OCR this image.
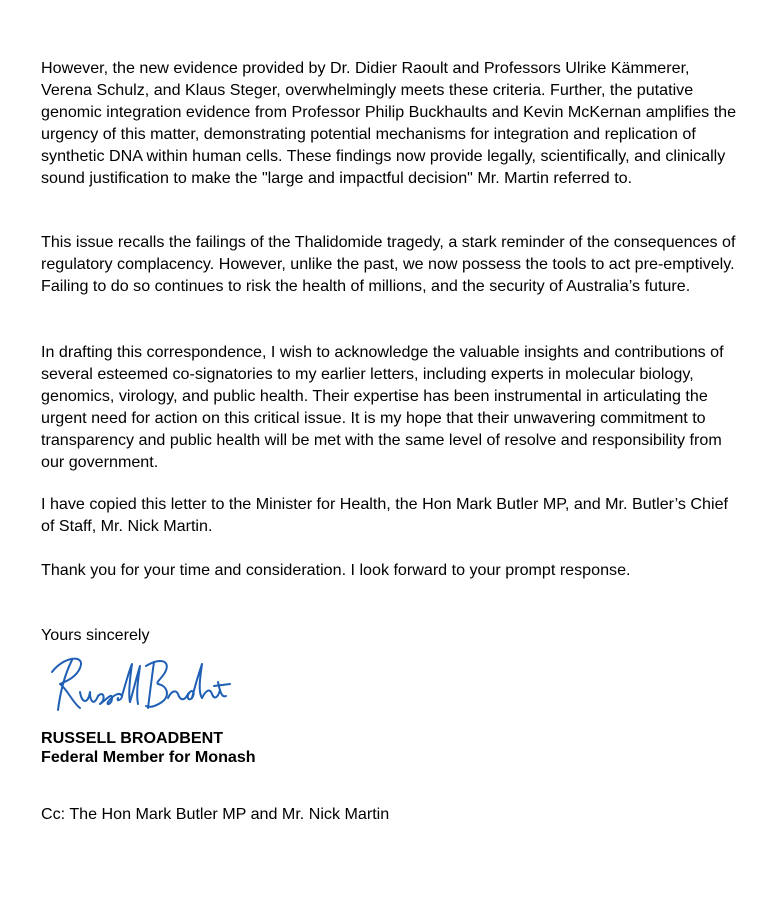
However, the new evidence provided by Dr. Didier Raoult and Professors Ulrike Kämmerer, Verena Schulz, and Klaus Steger, overwhelmingly meets these criteria. Further, the putative genomic integration evidence from Professor Philip Buckhaults and Kevin McKernan amplifies the urgency of this matter, demonstrating potential mechanisms for integration and replication of synthetic DNA within human cells. These findings now provide legally, scientifically, and clinically sound justification to make the "large and impactful decision" Mr. Martin referred to.

This issue recalls the failings of the Thalidomide tragedy, a stark reminder of the consequences of regulatory complacency. However, unlike the past, we now possess the tools to act pre-emptively. Failing to do so continues to risk the health of millions, and the security of Australia’s future.

In drafting this correspondence, I wish to acknowledge the valuable insights and contributions of several esteemed co-signatories to my earlier letters, including experts in molecular biology, genomics, virology, and public health. Their expertise has been instrumental in articulating the urgent need for action on this critical issue. It is my hope that their unwavering commitment to transparency and public health will be met with the same level of resolve and responsibility from our government.

I have copied this letter to the Minister for Health, the Hon Mark Butler MP, and Mr. Butler’s Chief of Staff, Mr. Nick Martin.

Thank you for your time and consideration. I look forward to your prompt response.

Yours sincerely

RUSSELL BROADBENT

Federal Member for Monash

Cc: The Hon Mark Butler MP and Mr. Nick Martin
